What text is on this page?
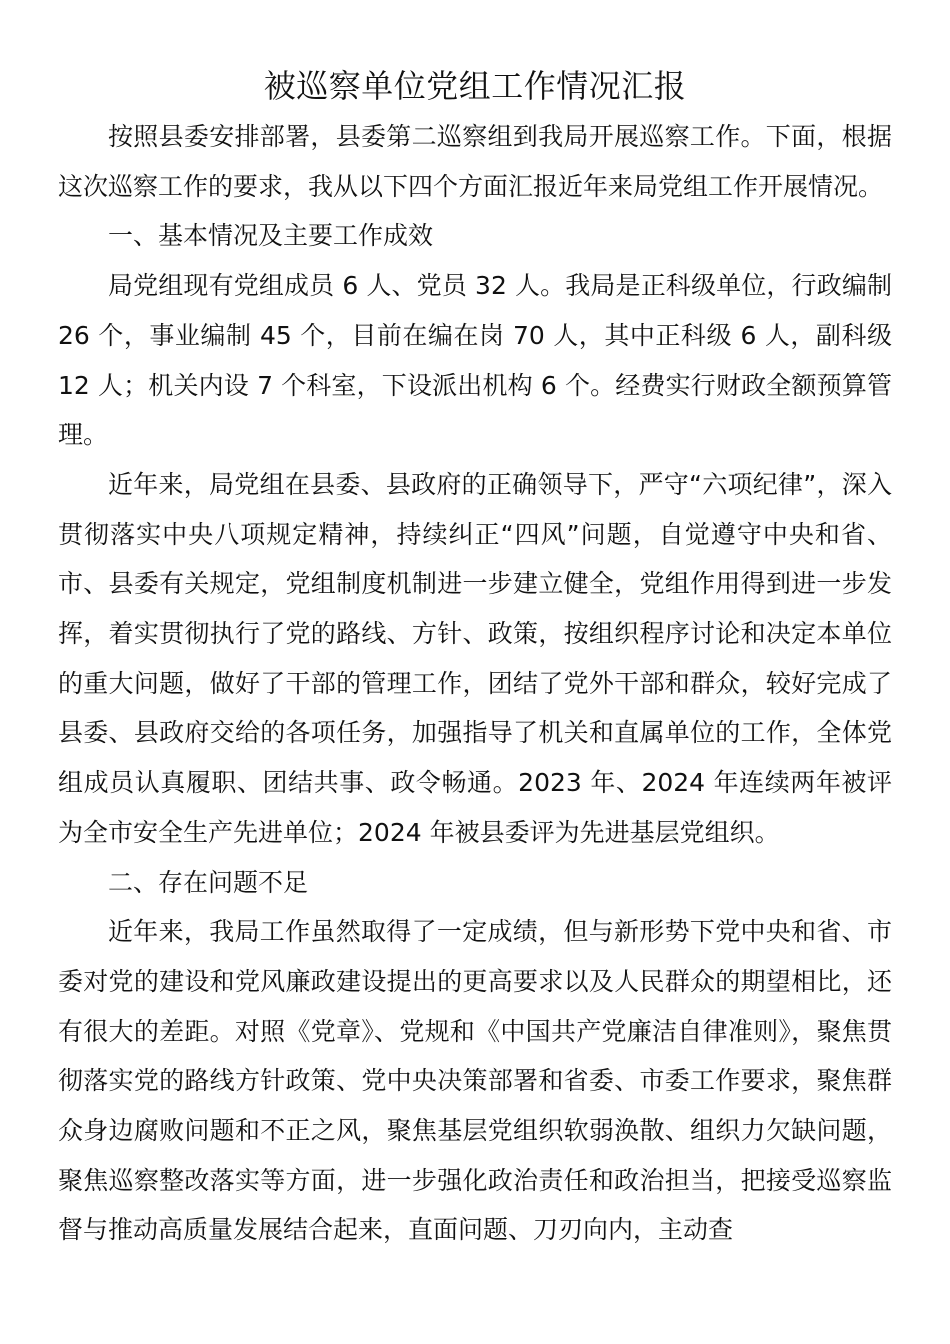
被巡察单位党组工作情况汇报

按照县委安排部署，县委第二巡察组到我局开展巡察工作。下面，根据这次巡察工作的要求，我从以下四个方面汇报近年来局党组工作开展情况。

一、基本情况及主要工作成效

局党组现有党组成员 6 人、党员 32 人。我局是正科级单位，行政编制 26 个，事业编制 45 个，目前在编在岗 70 人，其中正科级 6 人，副科级 12 人；机关内设 7 个科室，下设派出机构 6 个。经费实行财政全额预算管理。

近年来，局党组在县委、县政府的正确领导下，严守“六项纪律”，深入贯彻落实中央八项规定精神，持续纠正“四风”问题，自觉遵守中央和省、市、县委有关规定，党组制度机制进一步建立健全，党组作用得到进一步发挥，着实贯彻执行了党的路线、方针、政策，按组织程序讨论和决定本单位的重大问题，做好了干部的管理工作，团结了党外干部和群众，较好完成了县委、县政府交给的各项任务，加强指导了机关和直属单位的工作，全体党组成员认真履职、团结共事、政令畅通。2023 年、2024 年连续两年被评为全市安全生产先进单位；2024 年被县委评为先进基层党组织。

二、存在问题不足

近年来，我局工作虽然取得了一定成绩，但与新形势下党中央和省、市委对党的建设和党风廉政建设提出的更高要求以及人民群众的期望相比，还有很大的差距。对照《党章》、党规和《中国共产党廉洁自律准则》，聚焦贯彻落实党的路线方针政策、党中央决策部署和省委、市委工作要求，聚焦群众身边腐败问题和不正之风，聚焦基层党组织软弱涣散、组织力欠缺问题，聚焦巡察整改落实等方面，进一步强化政治责任和政治担当，把接受巡察监督与推动高质量发展结合起来，直面问题、刀刃向内，主动查
